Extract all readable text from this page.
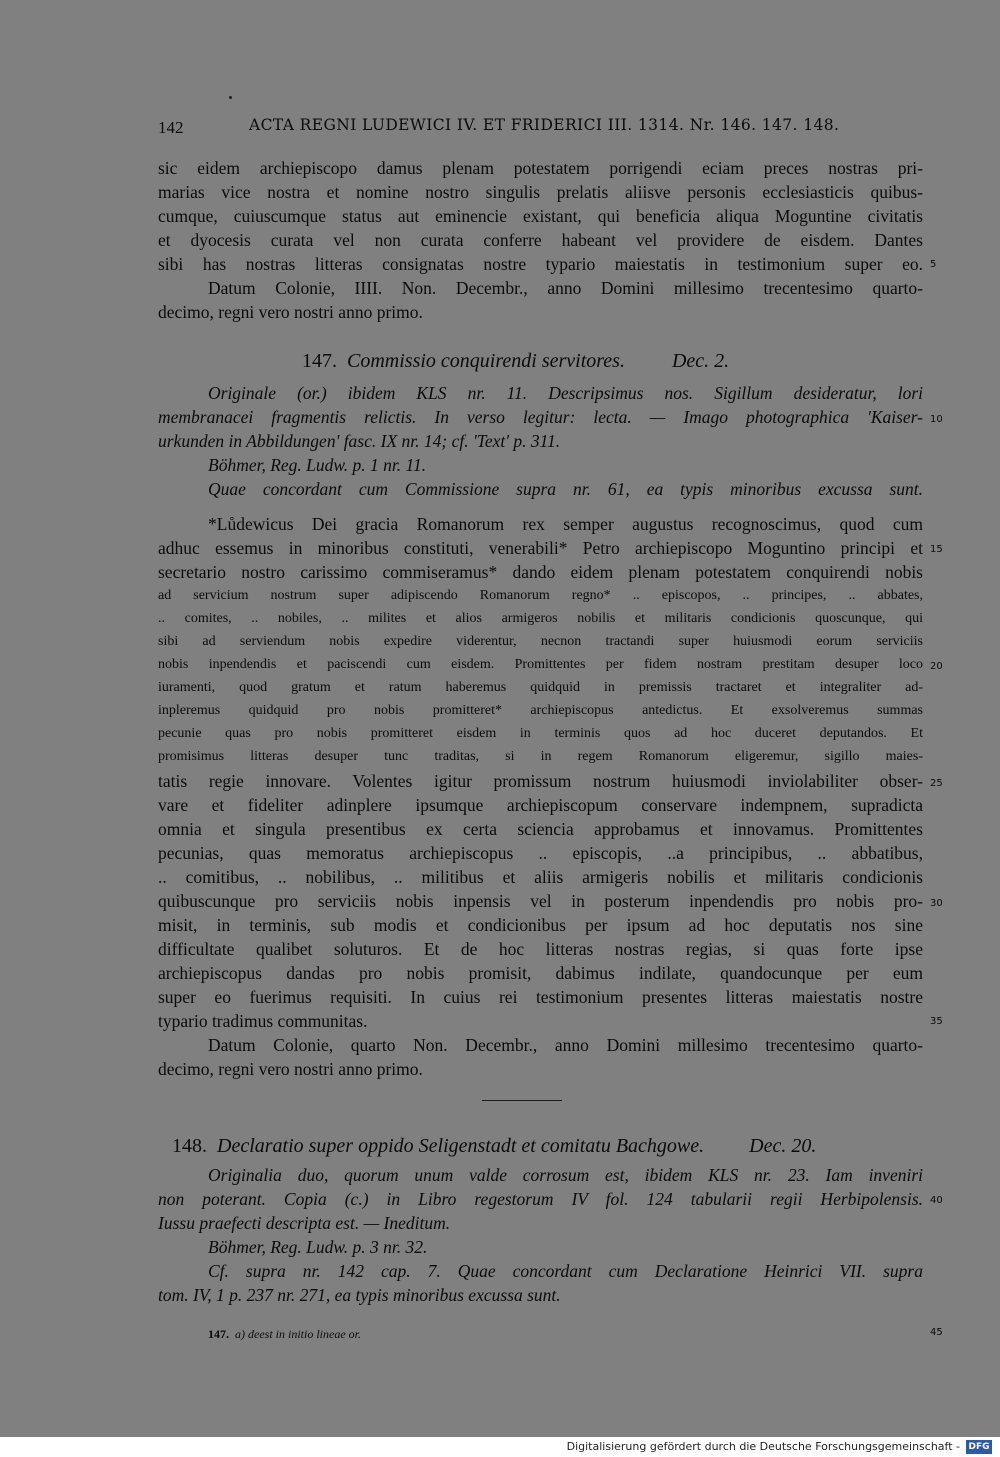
142	ACTA REGNI LUDEWICI IV. ET FRIDERICI III. 1314. Nr. 146. 147. 148.
sic eidem archiepiscopo damus plenam potestatem porrigendi eciam preces nostras pri-
marias vice nostra et nomine nostro singulis prelatis aliisve personis ecclesiasticis quibus-
cumque, cuiuscumque status aut eminencie existant, qui beneficia aliqua Moguntine civitatis
et dyocesis curata vel non curata conferre habeant vel providere de eisdem. Dantes
sibi has nostras litteras consignatas nostre typario maiestatis in testimonium super eo.
Datum Colonie, IIII. Non. Decembr., anno Domini millesimo trecentesimo quarto-
decimo, regni vero nostri anno primo.
147. Commissio conquirendi servitores. Dec. 2.
Originale (or.) ibidem KLS nr. 11. Descripsimus nos. Sigillum desideratur, lori
membranacei fragmentis relictis. In verso legitur: lecta. — Imago photographica 'Kaiser-
urkunden in Abbildungen' fasc. IX nr. 14; cf. 'Text' p. 311.
Böhmer, Reg. Ludw. p. 1 nr. 11.
Quae concordant cum Commissione supra nr. 61, ea typis minoribus excussa sunt.
*Lůdewicus Dei gracia Romanorum rex semper augustus recognoscimus, quod cum
adhuc essemus in minoribus constituti, venerabili* Petro archiepiscopo Moguntino principi et
secretario nostro carissimo commiseramus* dando eidem plenam potestatem conquirendi nobis
ad servicium nostrum super adipiscendo Romanorum regno* .. episcopos, .. principes, .. abbates,
.. comites, .. nobiles, .. milites et alios armigeros nobilis et militaris condicionis quoscunque, qui
sibi ad serviendum nobis expedire viderentur, necnon tractandi super huiusmodi eorum serviciis
nobis inpendendis et paciscendi cum eisdem. Promittentes per fidem nostram prestitam desuper loco
iuramenti, quod gratum et ratum haberemus quidquid in premissis tractaret et integraliter ad-
inpleremus quidquid pro nobis promitteret* archiepiscopus antedictus. Et exsolveremus summas
pecunie quas pro nobis promitteret eisdem in terminis quos ad hoc duceret deputandos. Et
promisimus litteras desuper tunc traditas, si in regem Romanorum eligeremur, sigillo maies-
tatis regie innovare. Volentes igitur promissum nostrum huiusmodi inviolabiliter obser-
vare et fideliter adinplere ipsumque archiepiscopum conservare indempnem, supradicta
omnia et singula presentibus ex certa sciencia approbamus et innovamus. Promittentes
pecunias, quas memoratus archiepiscopus .. episcopis, ..a principibus, .. abbatibus,
.. comitibus, .. nobilibus, .. militibus et aliis armigeris nobilis et militaris condicionis
quibuscunque pro serviciis nobis inpensis vel in posterum inpendendis pro nobis pro-
misit, in terminis, sub modis et condicionibus per ipsum ad hoc deputatis nos sine
difficultate qualibet soluturos. Et de hoc litteras nostras regias, si quas forte ipse
archiepiscopus dandas pro nobis promisit, dabimus indilate, quandocunque per eum
super eo fuerimus requisiti. In cuius rei testimonium presentes litteras maiestatis nostre
typario tradimus communitas.
Datum Colonie, quarto Non. Decembr., anno Domini millesimo trecentesimo quarto-
decimo, regni vero nostri anno primo.
148. Declaratio super oppido Seligenstadt et comitatu Bachgowe. Dec. 20.
Originalia duo, quorum unum valde corrosum est, ibidem KLS nr. 23. Iam inveniri
non poterant. Copia (c.) in Libro regestorum IV fol. 124 tabularii regii Herbipolensis.
Iussu praefecti descripta est. — Ineditum.
Böhmer, Reg. Ludw. p. 3 nr. 32.
Cf. supra nr. 142 cap. 7. Quae concordant cum Declaratione Heinrici VII. supra
tom. IV, 1 p. 237 nr. 271, ea typis minoribus excussa sunt.
147. a) deest in initio lineae or.
5
10
15
20
25
30
35
40
45
Digitalisierung gefördert durch die Deutsche Forschungsgemeinschaft - DFG
